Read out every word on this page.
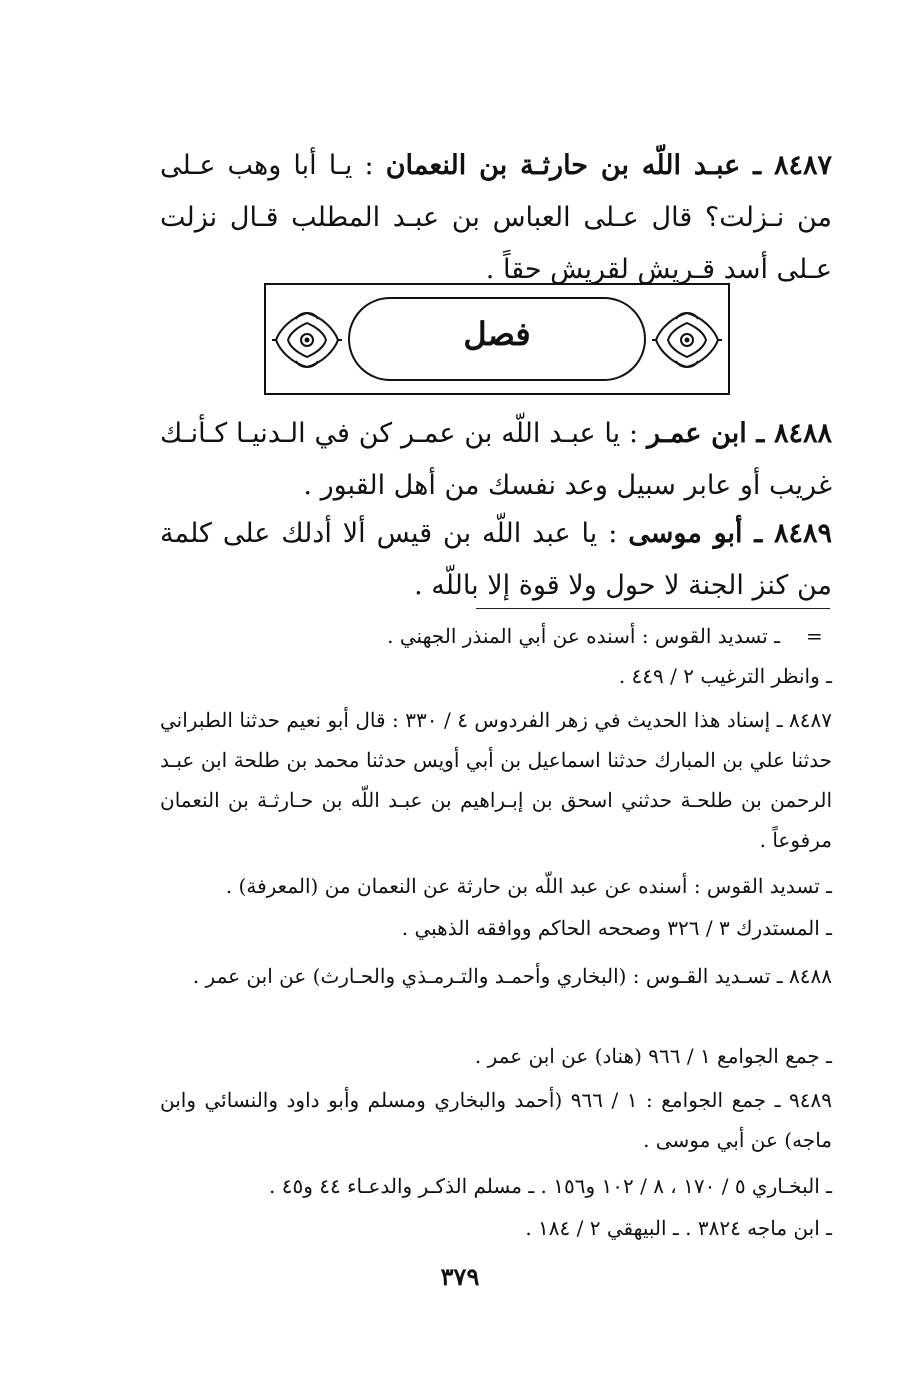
٨٤٨٧ ـ عبـد اللّه بن حارثـة بن النعمان : يـا أبا وهب عـلى من نـزلت؟ قال عـلى العباس بن عبـد المطلب قـال نزلت عـلى أسد قـريش لقريش حقاً .

فصل

٨٤٨٨ ـ ابن عمـر : يا عبـد اللّه بن عمـر كن في الـدنيـا كـأنـك غريب أو عابر سبيل وعد نفسك من أهل القبور .

٨٤٨٩ ـ أبو موسى : يا عبد اللّه بن قيس ألا أدلك على كلمة من كنز الجنة لا حول ولا قوة إلا باللّه .

=

ـ تسديد القوس : أسنده عن أبي المنذر الجهني .

ـ وانظر الترغيب ٢ / ٤٤٩ .

٨٤٨٧ ـ إسناد هذا الحديث في زهر الفردوس ٤ / ٣٣٠ : قال أبو نعيم حدثنا الطبراني حدثنا علي بن المبارك حدثنا اسماعيل بن أبي أويس حدثنا محمد بن طلحة ابن عبـد الرحمن بن طلحـة حدثني اسحق بن إبـراهيم بن عبـد اللّه بن حـارثـة بن النعمان مرفوعاً .

ـ تسديد القوس : أسنده عن عبد اللّه بن حارثة عن النعمان من (المعرفة) .

ـ المستدرك ٣ / ٣٢٦ وصححه الحاكم ووافقه الذهبي .

٨٤٨٨ ـ تسـديد القـوس : (البخاري وأحمـد والتـرمـذي والحـارث) عن ابن عمر .

ـ جمع الجوامع ١ / ٩٦٦ (هناد) عن ابن عمر .

٩٤٨٩ ـ جمع الجوامع : ١ / ٩٦٦ (أحمد والبخاري ومسلم وأبو داود والنسائي وابن ماجه) عن أبي موسى .

ـ البخـاري ٥ / ١٧٠ ، ٨ / ١٠٢ و١٥٦ . ـ مسلم الذكـر والدعـاء ٤٤ و٤٥ .

ـ ابن ماجه ٣٨٢٤ . ـ البيهقي ٢ / ١٨٤ .

٣٧٩
